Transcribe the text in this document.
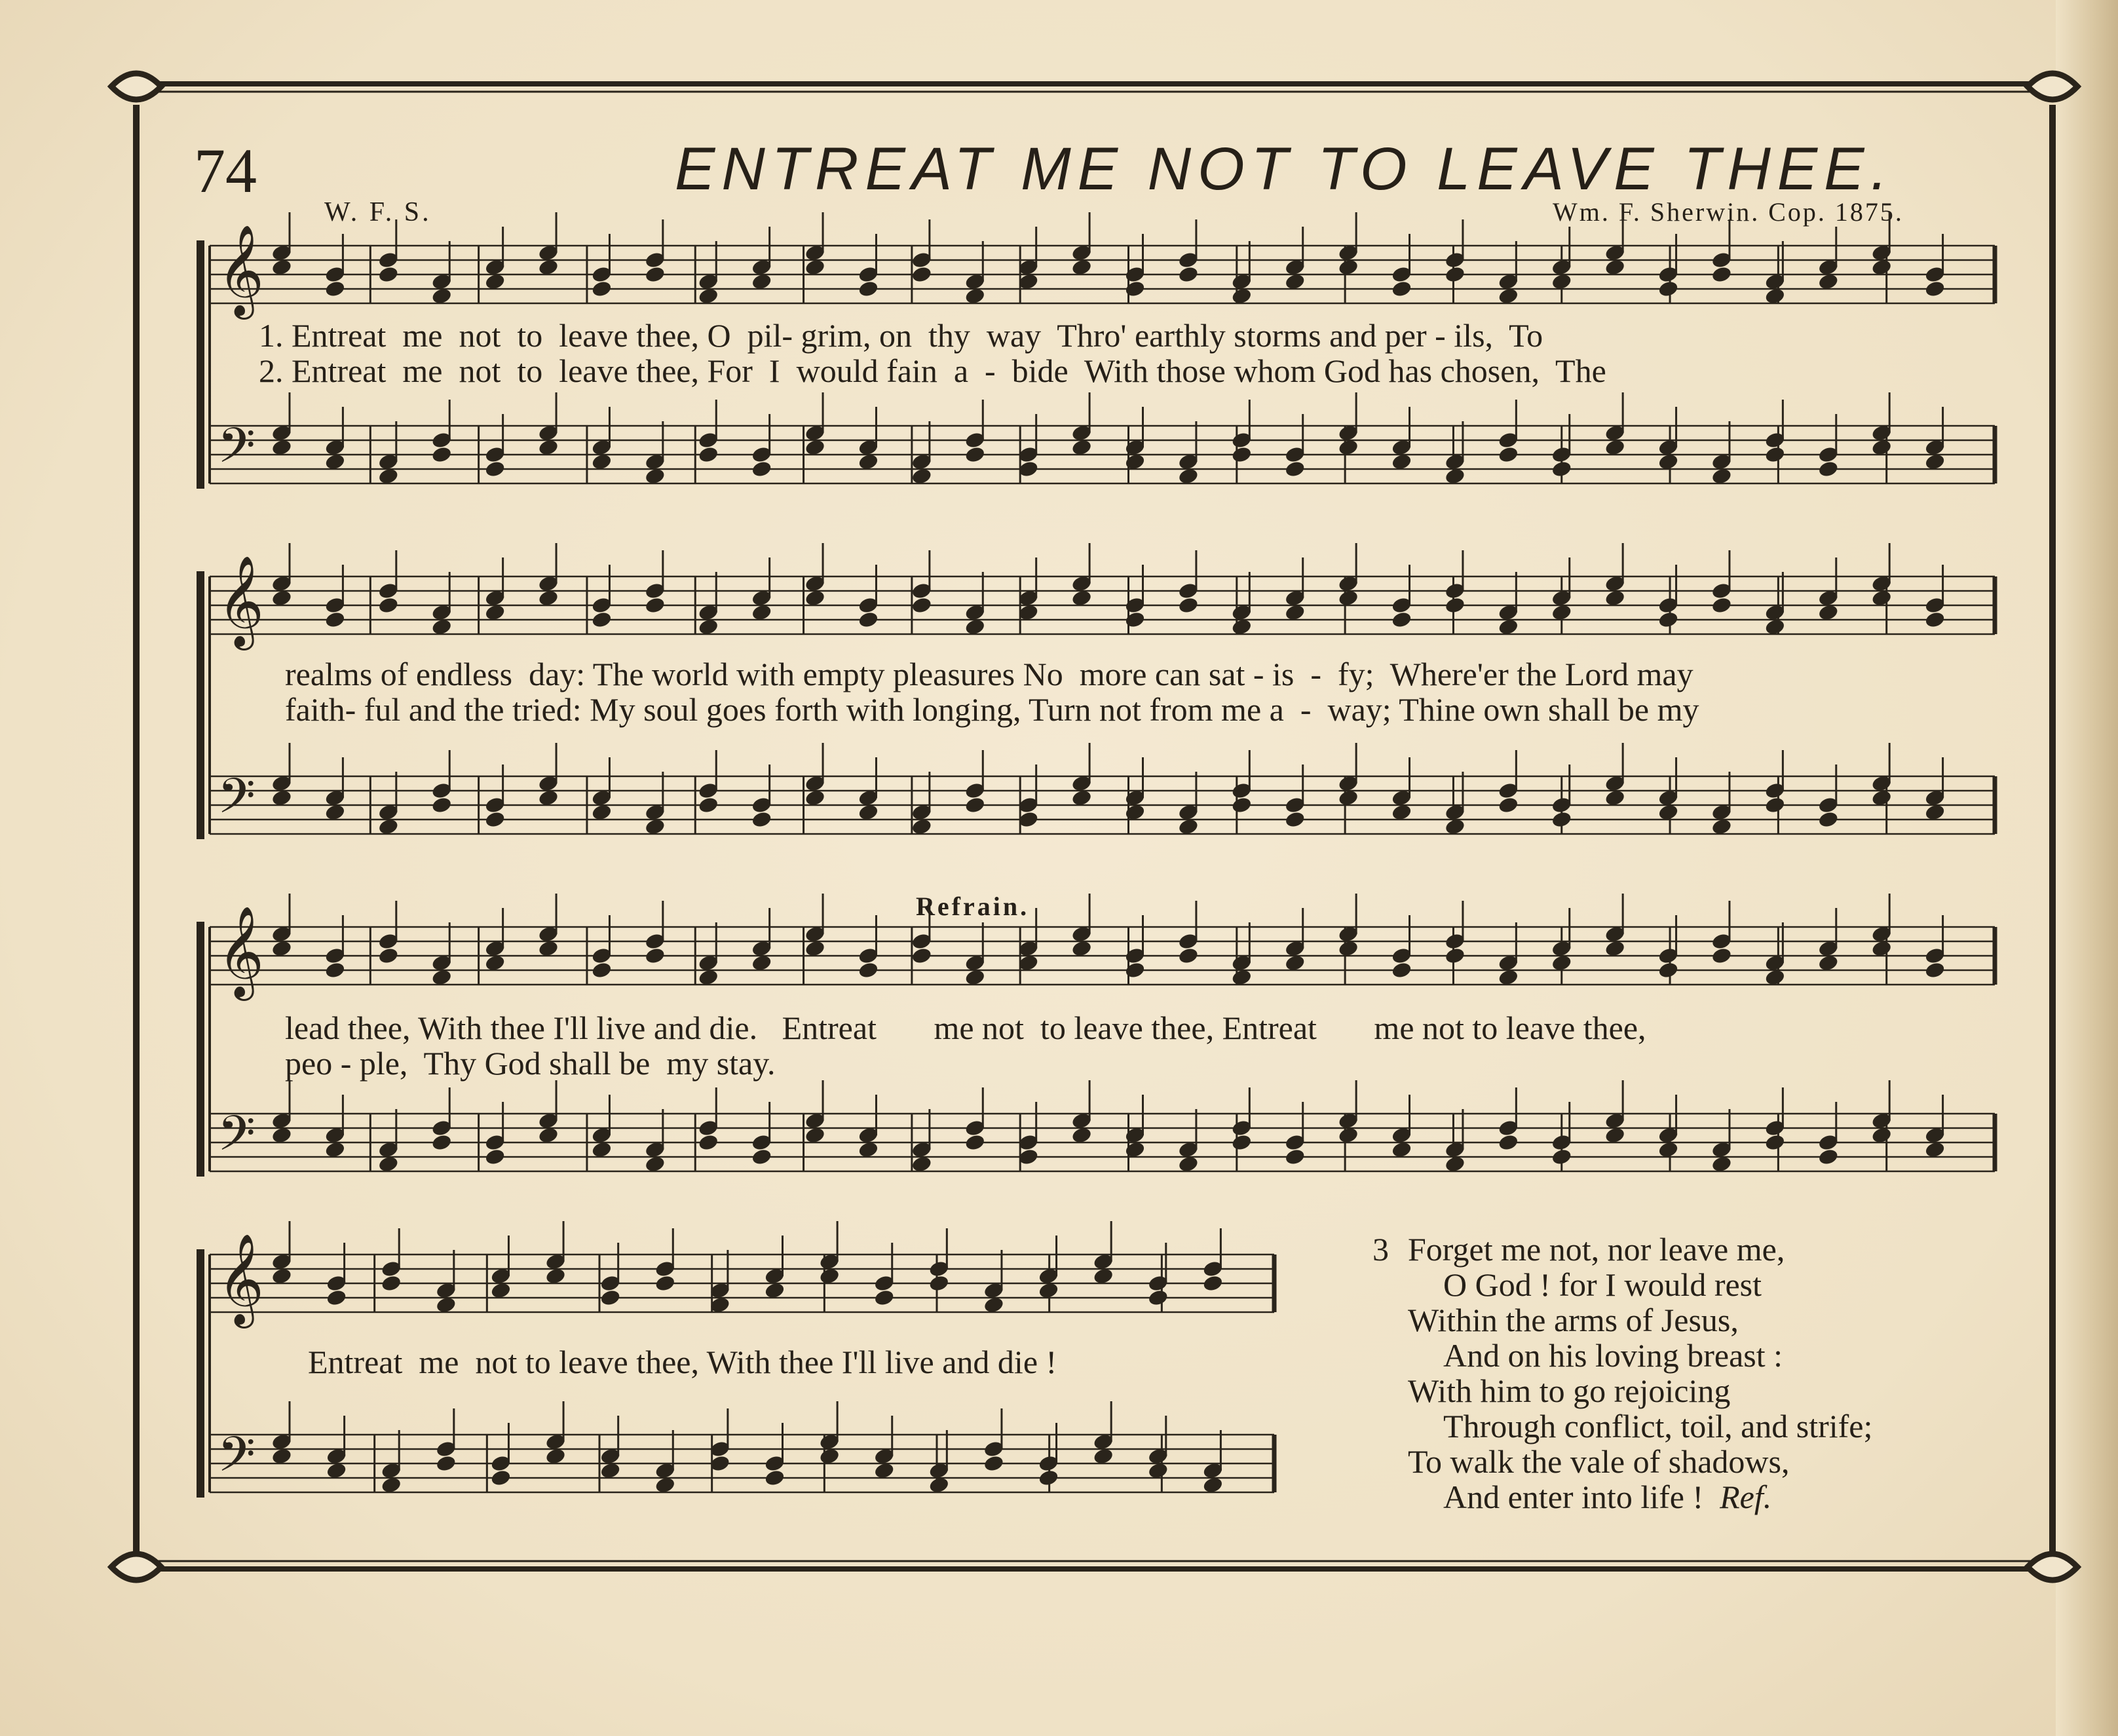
74	ENTREAT ME NOT TO LEAVE THEE.
W. F. S.	Wm. F. Sherwin. Cop. 1875.
𝄞
𝄢
𝄞
𝄢
𝄞
𝄢
𝄞
𝄢
1. Entreat  me  not  to  leave thee, O  pil- grim, on  thy  way  Thro' earthly storms and per - ils,  To
2. Entreat  me  not  to  leave thee, For  I  would fain  a  -  bide  With those whom God has chosen,  The
realms of endless  day: The world with empty pleasures No  more can sat - is  -  fy;  Where'er the Lord may
faith- ful and the tried: My soul goes forth with longing, Turn not from me a  -  way; Thine own shall be my
Refrain.
lead thee, With thee I'll live and die.   Entreat       me not  to leave thee, Entreat       me not to leave thee,
peo - ple,  Thy God shall be  my stay.
Entreat  me  not to leave thee, With thee I'll live and die !
3 Forget me not, nor leave me,
O God ! for I would rest
Within the arms of Jesus,
And on his loving breast :
With him to go rejoicing
Through conflict, toil, and strife;
To walk the vale of shadows,
And enter into life ! Ref.
